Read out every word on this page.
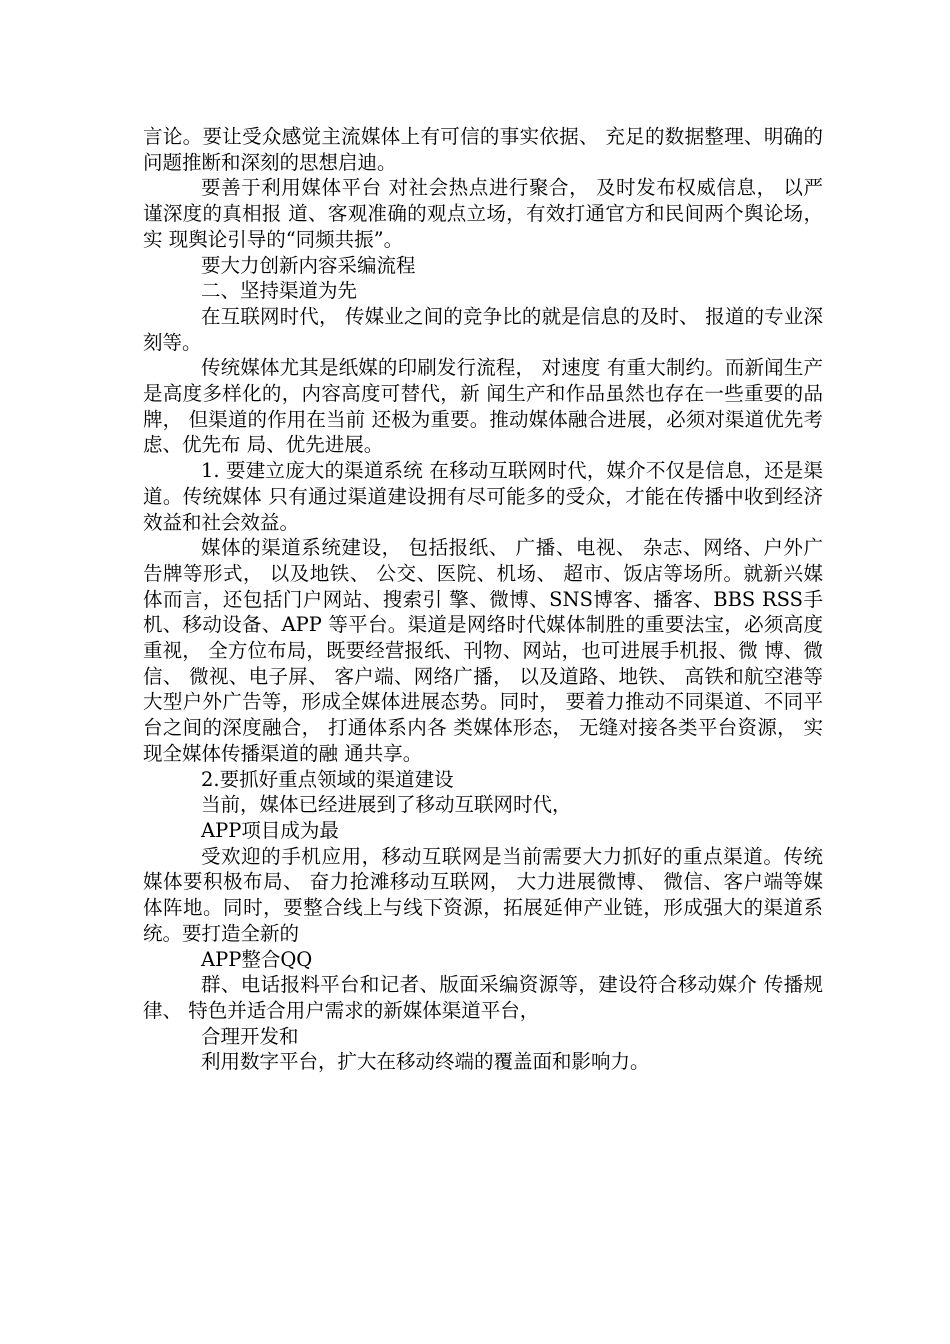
言论。要让受众感觉主流媒体上有可信的事实依据、 充足的数据整理、明确的问题推断和深刻的思想启迪。

要善于利用媒体平台 对社会热点进行聚合， 及时发布权威信息， 以严谨深度的真相报 道、客观准确的观点立场，有效打通官方和民间两个舆论场，实 现舆论引导的“同频共振”。

要大力创新内容采编流程

二、坚持渠道为先

在互联网时代， 传媒业之间的竞争比的就是信息的及时、 报道的专业深刻等。

传统媒体尤其是纸媒的印刷发行流程， 对速度 有重大制约。而新闻生产是高度多样化的，内容高度可替代，新 闻生产和作品虽然也存在一些重要的品牌， 但渠道的作用在当前 还极为重要。推动媒体融合进展，必须对渠道优先考虑、优先布 局、优先进展。

1. 要建立庞大的渠道系统 在移动互联网时代，媒介不仅是信息，还是渠道。传统媒体 只有通过渠道建设拥有尽可能多的受众，才能在传播中收到经济 效益和社会效益。

媒体的渠道系统建设， 包括报纸、 广播、电视、 杂志、网络、户外广告牌等形式， 以及地铁、 公交、医院、机场、 超市、饭店等场所。就新兴媒体而言，还包括门户网站、搜索引 擎、微博、SNS博客、播客、BBS RSS手机、移动设备、APP 等平台。渠道是网络时代媒体制胜的重要法宝，必须高度重视， 全方位布局，既要经营报纸、刊物、网站，也可进展手机报、微 博、微信、 微视、电子屏、 客户端、网络广播， 以及道路、地铁、 高铁和航空港等大型户外广告等，形成全媒体进展态势。同时， 要着力推动不同渠道、不同平台之间的深度融合， 打通体系内各 类媒体形态， 无缝对接各类平台资源， 实现全媒体传播渠道的融 通共享。

2.要抓好重点领域的渠道建设

当前，媒体已经进展到了移动互联网时代，

APP项目成为最

受欢迎的手机应用，移动互联网是当前需要大力抓好的重点渠道。传统媒体要积极布局、 奋力抢滩移动互联网， 大力进展微博、 微信、客户端等媒体阵地。同时，要整合线上与线下资源，拓展延伸产业链，形成强大的渠道系统。要打造全新的

APP整合QQ

群、电话报料平台和记者、版面采编资源等，建设符合移动媒介 传播规律、 特色并适合用户需求的新媒体渠道平台，

合理开发和

利用数字平台，扩大在移动终端的覆盖面和影响力。
